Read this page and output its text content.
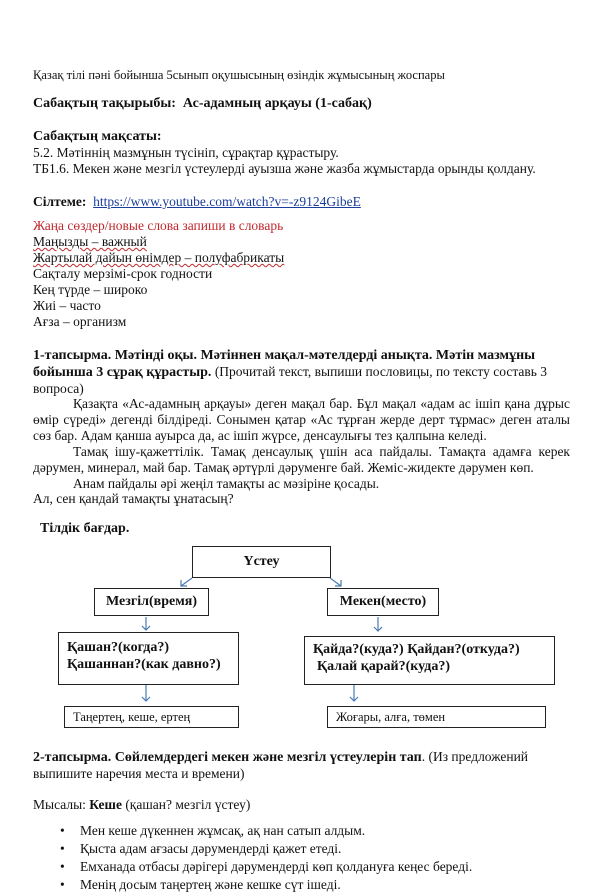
Қазақ тілі пәні бойынша 5сынып оқушысының өзіндік жұмысының жоспары
Сабақтың тақырыбы: Ас-адамның арқауы (1-сабақ)
Сабақтың мақсаты:
5.2. Мәтіннің мазмұнын түсініп, сұрақтар құрастыру.
ТБ1.6. Мекен және мезгіл үстеулерді ауызша және жазба жұмыстарда орынды қолдану.
Сілтеме: https://www.youtube.com/watch?v=-z9124GibeE
Жаңа сөздер/новые слова запиши в словарь
Маңызды – важный
Жартылай дайын өнімдер – полуфабрикаты
Сақталу мерзімі-срок годности
Кең түрде – широко
Жиі – часто
Ағза – организм
1-тапсырма. Мәтінді оқы. Мәтіннен мақал-мәтелдерді анықта. Мәтін мазмұны бойынша 3 сұрақ құрастыр. (Прочитай текст, выпиши пословицы, по тексту составь 3 вопроса)
Қазақта «Ас-адамның арқауы» деген мақал бар. Бұл мақал «адам ас ішіп қана дұрыс өмір сүреді» дегенді білдіреді. Сонымен қатар «Ас тұрған жерде дерт тұрмас» деген аталы сөз бар. Адам қанша ауырса да, ас ішіп жүрсе, денсаулығы тез қалпына келеді.
Тамақ ішу-қажеттілік. Тамақ денсаулық үшін аса пайдалы. Тамақта адамға керек дәрумен, минерал, май бар. Тамақ әртүрлі дәруменге бай. Жеміс-жидекте дәрумен көп.
Анам пайдалы әрі жеңіл тамақты ас мәзіріне қосады.
Ал, сен қандай тамақты ұнатасың?
Тілдік бағдар.
Үстеу
Мезгіл(время)	Мекен(место)
Қашан?(когда?)
Қашаннан?(как давно?)
Қайда?(куда?) Қайдан?(откуда?)
Қалай қарай?(куда?)
Таңертең, кеше, ертең	Жоғары, алға, төмен
2-тапсырма. Сөйлемдердегі мекен және мезгіл үстеулерін тап. (Из предложений выпишите наречия места и времени)
Мысалы: Кеше (қашан? мезгіл үстеу)
• Мен кеше дүкеннен жұмсақ, ақ нан сатып алдым.
• Қыста адам ағзасы дәрумендерді қажет етеді.
• Емханада отбасы дәрігері дәрумендерді көп қолдануға кеңес береді.
• Менің досым таңертең және кешке сүт ішеді.
